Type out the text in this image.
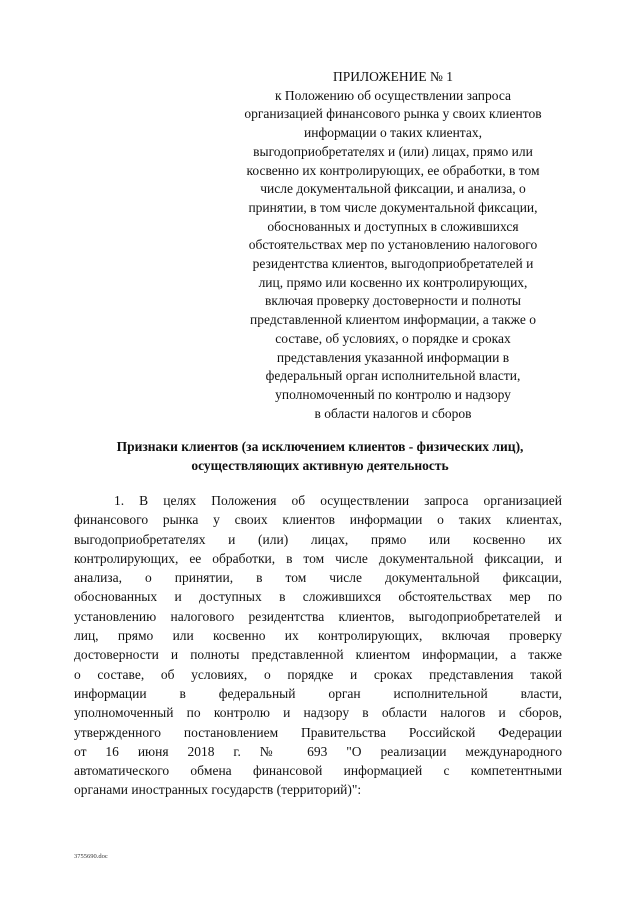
ПРИЛОЖЕНИЕ № 1
к Положению об осуществлении запроса
организацией финансового рынка у своих клиентов
информации о таких клиентах,
выгодоприобретателях и (или) лицах, прямо или
косвенно их контролирующих, ее обработки, в том
числе документальной фиксации, и анализа, о
принятии, в том числе документальной фиксации,
обоснованных и доступных в сложившихся
обстоятельствах мер по установлению налогового
резидентства клиентов, выгодоприобретателей и
лиц, прямо или косвенно их контролирующих,
включая проверку достоверности и полноты
представленной клиентом информации, а также о
составе, об условиях, о порядке и сроках
представления указанной информации в
федеральный орган исполнительной власти,
уполномоченный по контролю и надзору
в области налогов и сборов
Признаки клиентов (за исключением клиентов - физических лиц),
осуществляющих активную деятельность
1. В целях Положения об осуществлении запроса организацией
финансового рынка у своих клиентов информации о таких клиентах,
выгодоприобретателях и (или) лицах, прямо или косвенно их
контролирующих, ее обработки, в том числе документальной фиксации, и
анализа, о принятии, в том числе документальной фиксации,
обоснованных и доступных в сложившихся обстоятельствах мер по
установлению налогового резидентства клиентов, выгодоприобретателей и
лиц, прямо или косвенно их контролирующих, включая проверку
достоверности и полноты представленной клиентом информации, а также
о составе, об условиях, о порядке и сроках представления такой
информации в федеральный орган исполнительной власти,
уполномоченный по контролю и надзору в области налогов и сборов,
утвержденного постановлением Правительства Российской Федерации
от 16 июня 2018 г. № 693 "О реализации международного
автоматического обмена финансовой информацией с компетентными
органами иностранных государств (территорий)":
3755690.doc
